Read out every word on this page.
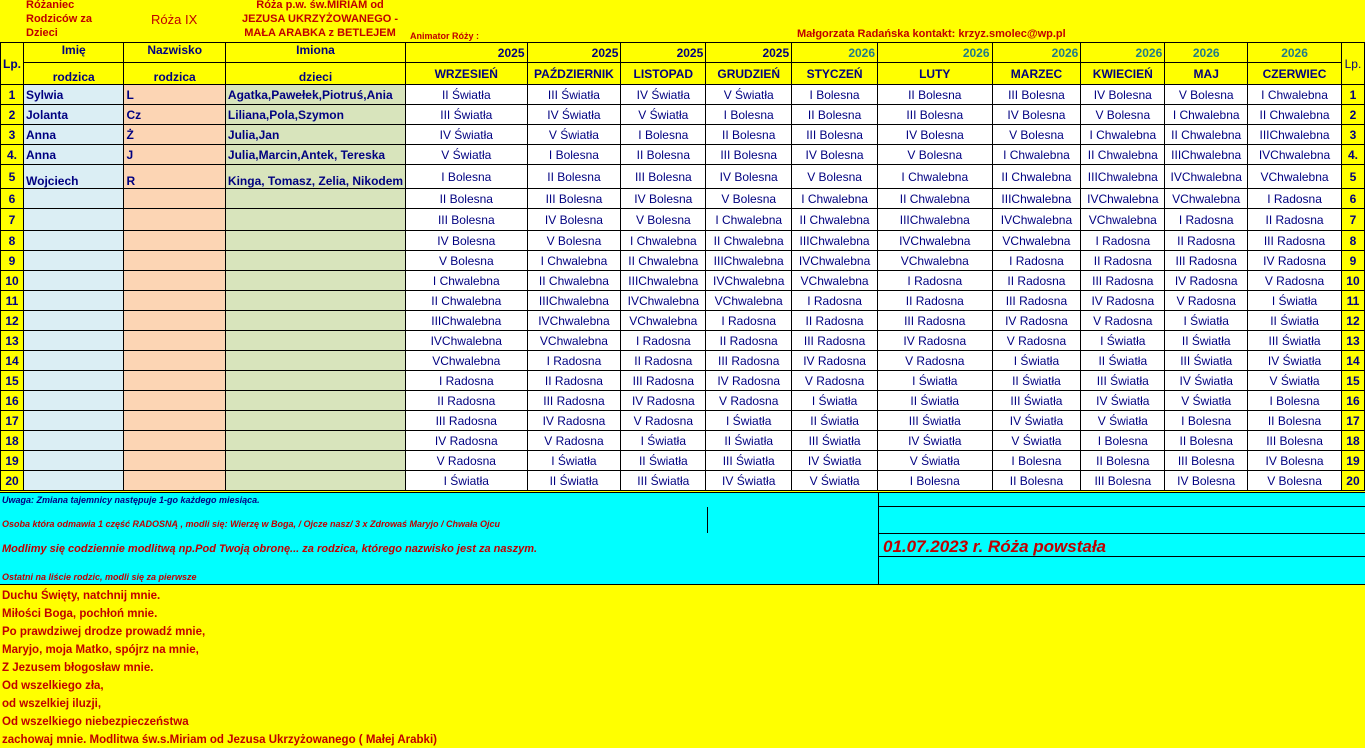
Różaniec
Rodziców za
Dzieci
Róża IX
Róża p.w. św.MIRIAM od
JEZUSA UKRZYŻOWANEGO -
MAŁA ARABKA z BETLEJEM Animator Róży :	Małgorzata Radańska kontakt: krzyz.smolec@wp.pl
Lp.	Imię	Nazwisko	Imiona	2025	2025	2025	2025	2026	2026	2026	2026	2026	2026	Lp.
	rodzica	rodzica	dzieci	WRZESIEŃ	PAŹDZIERNIK	LISTOPAD	GRUDZIEŃ	STYCZEŃ	LUTY	MARZEC	KWIECIEŃ	MAJ	CZERWIEC	
1	Sylwia	L	Agatka,Pawełek,Piotruś,Ania	II Światła	III Światła	IV Światła	V Światła	I Bolesna	II Bolesna	III Bolesna	IV Bolesna	V Bolesna	I Chwalebna	1
2	Jolanta	Cz	Liliana,Pola,Szymon	III Światła	IV Światła	V Światła	I Bolesna	II Bolesna	III Bolesna	IV Bolesna	V Bolesna	I Chwalebna	II Chwalebna	2
3	Anna	Ż	Julia,Jan	IV Światła	V Światła	I Bolesna	II Bolesna	III Bolesna	IV Bolesna	V Bolesna	I Chwalebna	II Chwalebna	IIIChwalebna	3
4.	Anna	J	Julia,Marcin,Antek, Tereska	V Światła	I Bolesna	II Bolesna	III Bolesna	IV Bolesna	V Bolesna	I Chwalebna	II Chwalebna	IIIChwalebna	IVChwalebna	4.
5	Wojciech	R	Kinga, Tomasz, Zelia, Nikodem	I Bolesna	II Bolesna	III Bolesna	IV Bolesna	V Bolesna	I Chwalebna	II Chwalebna	IIIChwalebna	IVChwalebna	VChwalebna	5
6				II Bolesna	III Bolesna	IV Bolesna	V Bolesna	I Chwalebna	II Chwalebna	IIIChwalebna	IVChwalebna	VChwalebna	I Radosna	6
7				III Bolesna	IV Bolesna	V Bolesna	I Chwalebna	II Chwalebna	IIIChwalebna	IVChwalebna	VChwalebna	I Radosna	II Radosna	7
8				IV Bolesna	V Bolesna	I Chwalebna	II Chwalebna	IIIChwalebna	IVChwalebna	VChwalebna	I Radosna	II Radosna	III Radosna	8
9				V Bolesna	I Chwalebna	II Chwalebna	IIIChwalebna	IVChwalebna	VChwalebna	I Radosna	II Radosna	III Radosna	IV Radosna	9
10				I Chwalebna	II Chwalebna	IIIChwalebna	IVChwalebna	VChwalebna	I Radosna	II Radosna	III Radosna	IV Radosna	V Radosna	10
11				II Chwalebna	IIIChwalebna	IVChwalebna	VChwalebna	I Radosna	II Radosna	III Radosna	IV Radosna	V Radosna	I Światła	11
12				IIIChwalebna	IVChwalebna	VChwalebna	I Radosna	II Radosna	III Radosna	IV Radosna	V Radosna	I Światła	II Światła	12
13				IVChwalebna	VChwalebna	I Radosna	II Radosna	III Radosna	IV Radosna	V Radosna	I Światła	II Światła	III Światła	13
14				VChwalebna	I Radosna	II Radosna	III Radosna	IV Radosna	V Radosna	I Światła	II Światła	III Światła	IV Światła	14
15				I Radosna	II Radosna	III Radosna	IV Radosna	V Radosna	I Światła	II Światła	III Światła	IV Światła	V Światła	15
16				II Radosna	III Radosna	IV Radosna	V Radosna	I Światła	II Światła	III Światła	IV Światła	V Światła	I Bolesna	16
17				III Radosna	IV Radosna	V Radosna	I Światła	II Światła	III Światła	IV Światła	V Światła	I Bolesna	II Bolesna	17
18				IV Radosna	V Radosna	I Światła	II Światła	III Światła	IV Światła	V Światła	I Bolesna	II Bolesna	III Bolesna	18
19				V Radosna	I Światła	II Światła	III Światła	IV Światła	V Światła	I Bolesna	II Bolesna	III Bolesna	IV Bolesna	19
20				I Światła	II Światła	III Światła	IV Światła	V Światła	I Bolesna	II Bolesna	III Bolesna	IV Bolesna	V Bolesna	20
Uwaga: Zmiana tajemnicy następuje 1-go każdego miesiąca.
Osoba która odmawia 1 część RADOSNĄ , modli się: Wierzę w Boga, / Ojcze nasz/ 3 x Zdrowaś Maryjo / Chwała Ojcu
Modlimy się codziennie modlitwą np.Pod Twoją obronę... za rodzica, którego nazwisko jest za naszym.
Ostatni na liście rodzic, modli się za pierwsze
01.07.2023 r. Róża powstała
Duchu Święty, natchnij mnie.
Miłości Boga, pochłoń mnie.
Po prawdziwej drodze prowadź mnie,
Maryjo, moja Matko, spójrz na mnie,
Z Jezusem błogosław mnie.
Od wszelkiego zła,
od wszelkiej iluzji,
Od wszelkiego niebezpieczeństwa
zachowaj mnie. Modlitwa św.s.Miriam od Jezusa Ukrzyżowanego ( Małej Arabki)
